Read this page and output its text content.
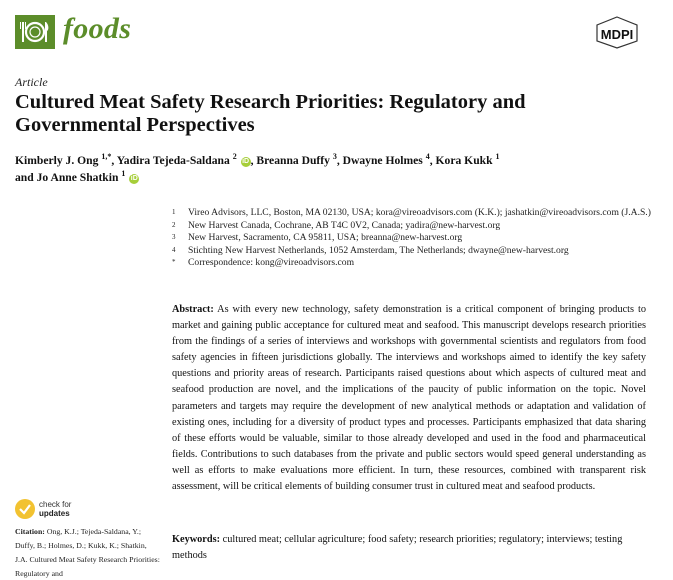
foods	MDPI
Article
Cultured Meat Safety Research Priorities: Regulatory and Governmental Perspectives
Kimberly J. Ong $^{1,*}$, Yadira Tejeda-Saldana $^2$ iD , Breanna Duffy $^3$, Dwayne Holmes $^4$, Kora Kukk $^1$
and Jo Anne Shatkin $^1$ iD
1 Vireo Advisors, LLC, Boston, MA 02130, USA; kora@vireoadvisors.com (K.K.); jashatkin@vireoadvisors.com (J.A.S.)
2 New Harvest Canada, Cochrane, AB T4C 0V2, Canada; yadira@new-harvest.org
3 New Harvest, Sacramento, CA 95811, USA; breanna@new-harvest.org
4 Stichting New Harvest Netherlands, 1052 Amsterdam, The Netherlands; dwayne@new-harvest.org
* Correspondence: kong@vireoadvisors.com
Abstract: As with every new technology, safety demonstration is a critical component of bringing products to market and gaining public acceptance for cultured meat and seafood. This manuscript develops research priorities from the findings of a series of interviews and workshops with governmental scientists and regulators from food safety agencies in fifteen jurisdictions globally. The interviews and workshops aimed to identify the key safety questions and priority areas of research. Participants raised questions about which aspects of cultured meat and seafood production are novel, and the implications of the paucity of public information on the topic. Novel parameters and targets may require the development of new analytical methods or adaptation and validation of existing ones, including for a diversity of product types and processes. Participants emphasized that data sharing of these efforts would be valuable, similar to those already developed and used in the food and pharmaceutical fields. Contributions to such databases from the private and public sectors would speed general understanding as well as efforts to make evaluations more efficient. In turn, these resources, combined with transparent risk assessment, will be critical elements of building consumer trust in cultured meat and seafood products.
Keywords: cultured meat; cellular agriculture; food safety; research priorities; regulatory; interviews; testing methods
check for
updates
Citation: Ong, K.J.; Tejeda-Saldana, Y.; Duffy, B.; Holmes, D.; Kukk, K.; Shatkin, J.A. Cultured Meat Safety Research Priorities: Regulatory and
